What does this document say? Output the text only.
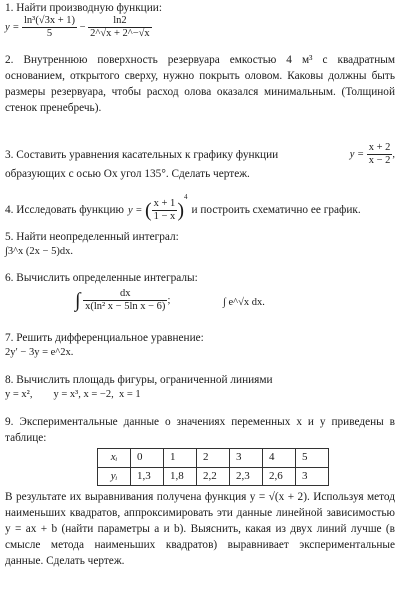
1. Найти производную функции:

$y = \frac{\text{ln³(√3x + 1)}}{5} - \frac{\ln 2}{2\^{}√x + 2\^{}-√x}$

2. Внутреннюю поверхность резервуара емкостью 4 м³ с квадратным основанием, открытого сверху, нужно покрыть оловом. Каковы должны быть размеры резервуара, чтобы расход олова оказался минимальным. (Толщиной стенок пренебречь).

3. Составить уравнения касательных к графику функции	$y = \frac{x + 2}{x - 2}$ ,

образующих с осью Ox угол 135°. Сделать чертеж.

4. Исследовать функцию y = ( $\frac{x + 1}{1 - x} )^4$
и построить схематично ее график.

5. Найти неопределенный интеграл:

∫3^x (2x − 5)dx.

6. Вычислить определенные интегралы:

∫ $\frac{dx}{\text{x(ln² x − 5ln x − 6)}}$ ;	∫ e^√x dx.

7. Решить дифференциальное уравнение:

2y′ − 3y = e^2x.

8. Вычислить площадь фигуры, ограниченной линиями

y = x²,        y = x³, x = −2,  x = 1

9. Экспериментальные данные о значениях переменных x и y приведены в таблице:

xᵢ	0	1	2	3	4	5
yᵢ	1,3	1,8	2,2	2,3	2,6	3

В результате их выравнивания получена функция y = √(x + 2). Используя метод наименьших квадратов, аппроксимировать эти данные линейной зависимостью y = ax + b (найти параметры a и b). Выяснить, какая из двух линий лучше (в смысле метода наименьших квадратов) выравнивает экспериментальные данные. Сделать чертеж.
